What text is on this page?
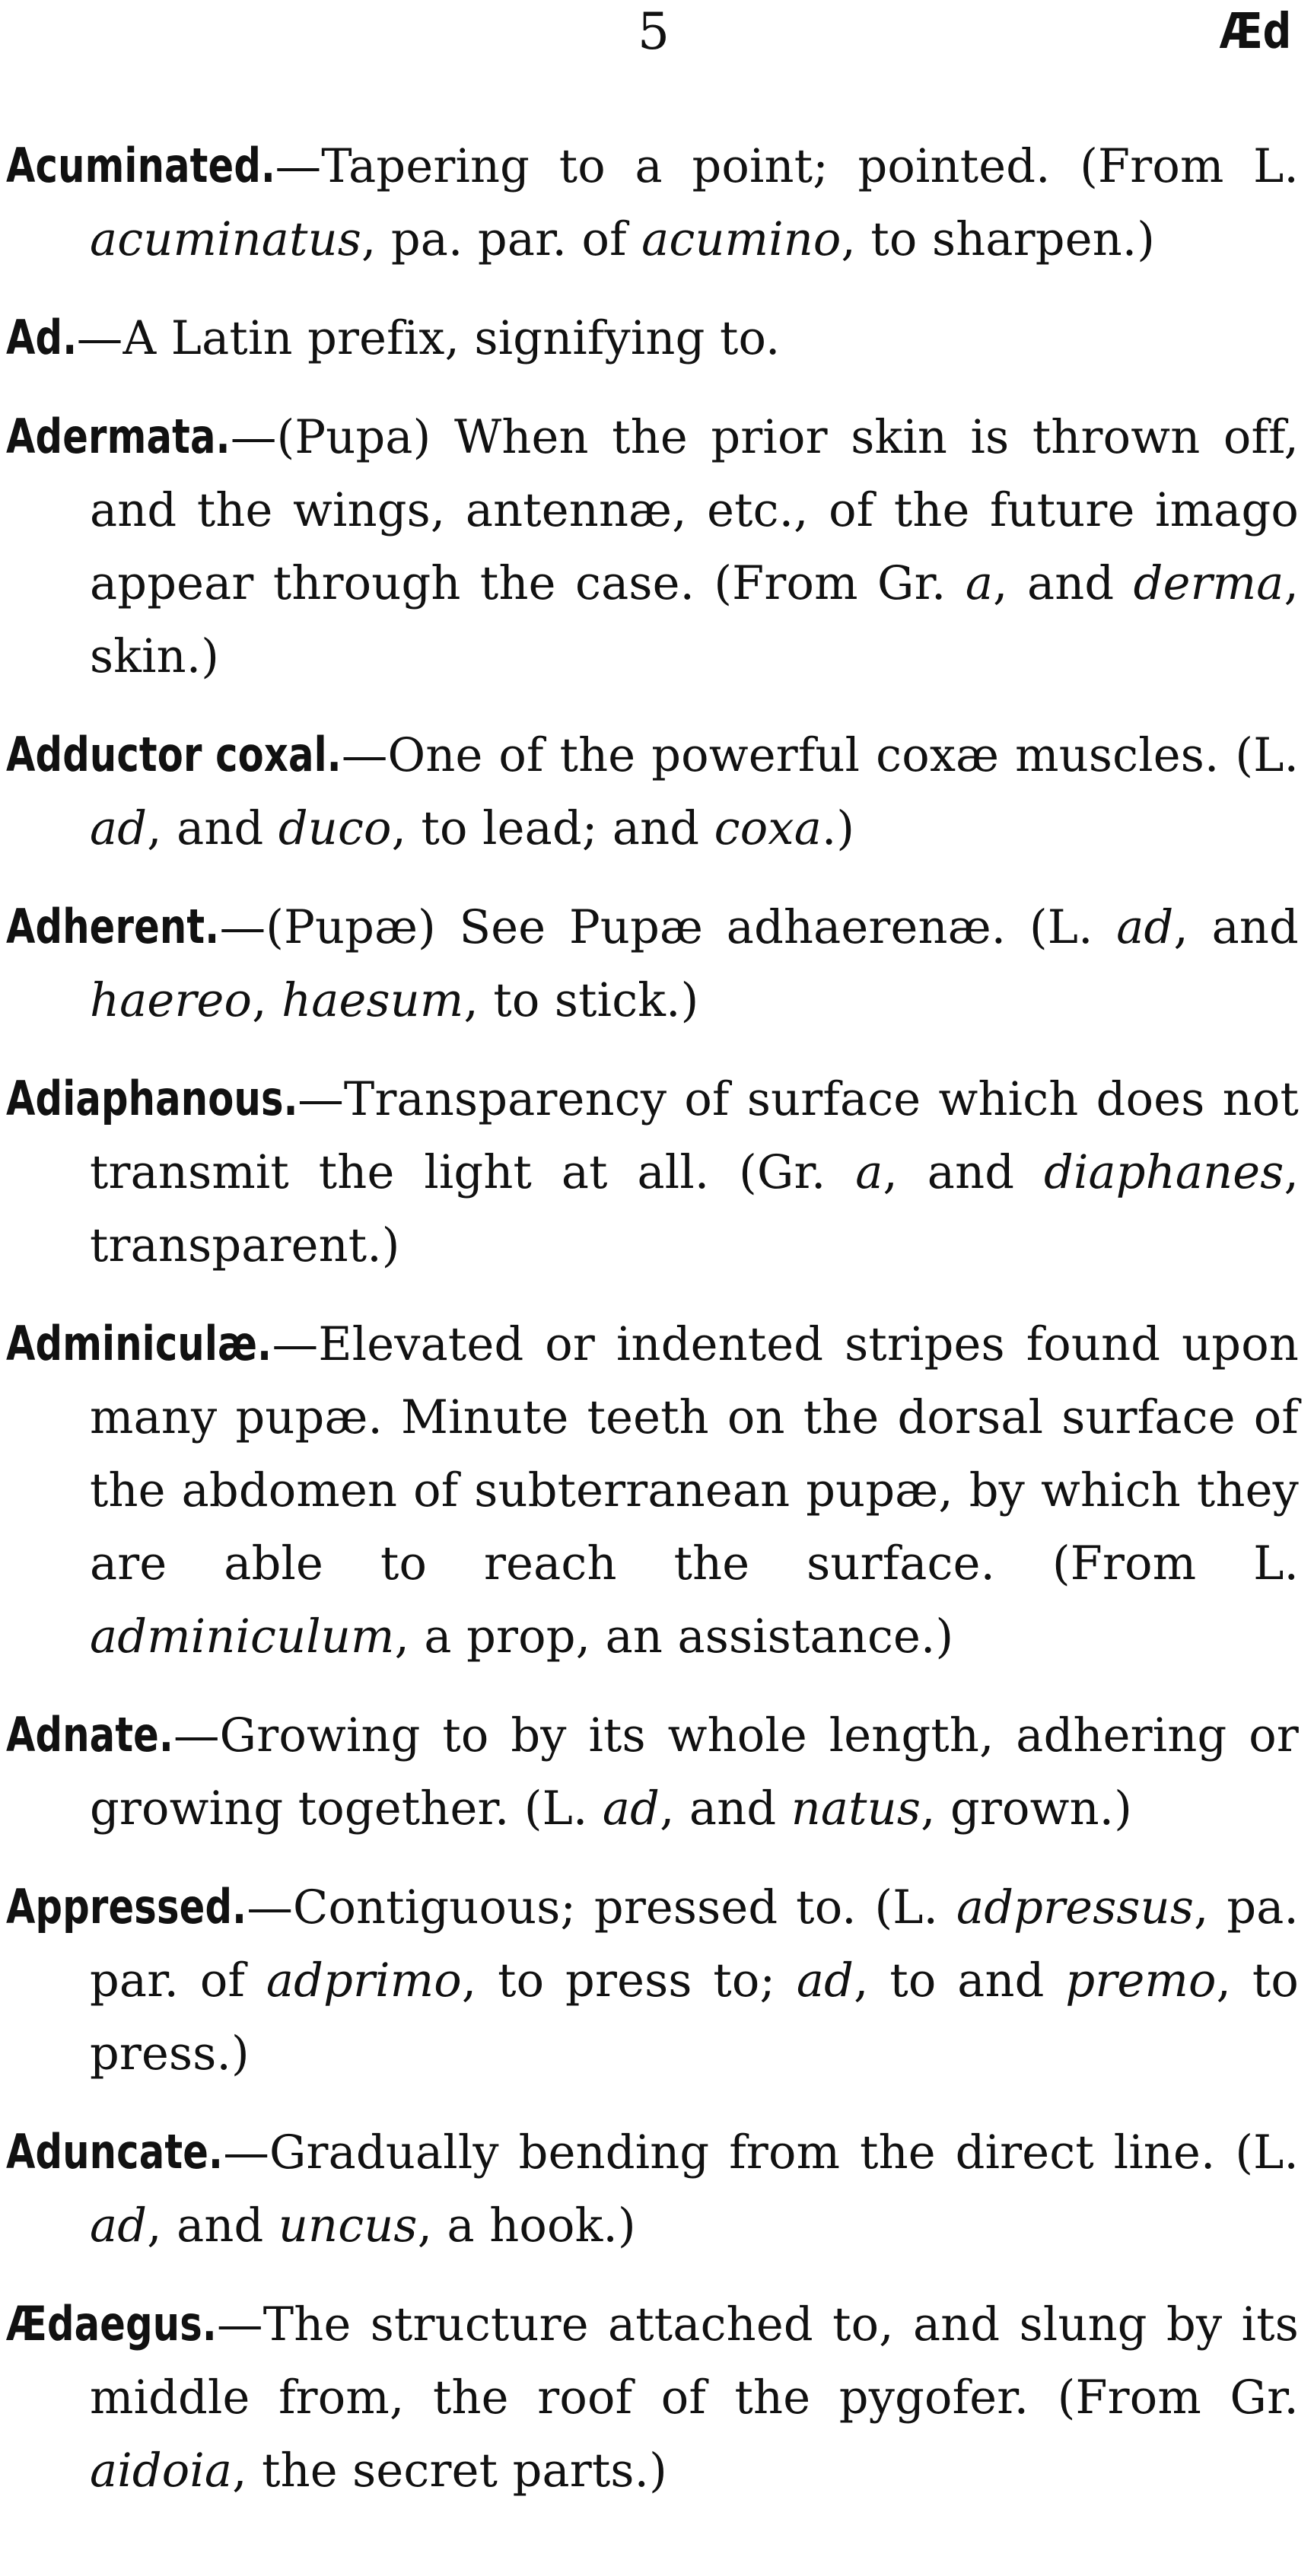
5	Æd

Acuminated.—Tapering to a point; pointed. (From L. acuminatus, pa. par. of acumino, to sharpen.)

Ad.—A Latin prefix, signifying to.

Adermata.—(Pupa) When the prior skin is thrown off, and the wings, antennæ, etc., of the future imago appear through the case. (From Gr. a, and derma, skin.)

Adductor coxal.—One of the powerful coxæ muscles. (L. ad, and duco, to lead; and coxa.)

Adherent.—(Pupæ) See Pupæ adhaerenæ. (L. ad, and haereo, haesum, to stick.)

Adiaphanous.—Transparency of surface which does not transmit the light at all. (Gr. a, and diaphanes, transparent.)

Adminiculæ.—Elevated or indented stripes found upon many pupæ. Minute teeth on the dorsal surface of the abdomen of subterranean pupæ, by which they are able to reach the surface. (From L. adminiculum, a prop, an assistance.)

Adnate.—Growing to by its whole length, adhering or growing together. (L. ad, and natus, grown.)

Appressed.—Contiguous; pressed to. (L. adpressus, pa. par. of adprimo, to press to; ad, to and premo, to press.)

Aduncate.—Gradually bending from the direct line. (L. ad, and uncus, a hook.)

Ædaegus.—The structure attached to, and slung by its middle from, the roof of the pygofer. (From Gr. aidoia, the secret parts.)
